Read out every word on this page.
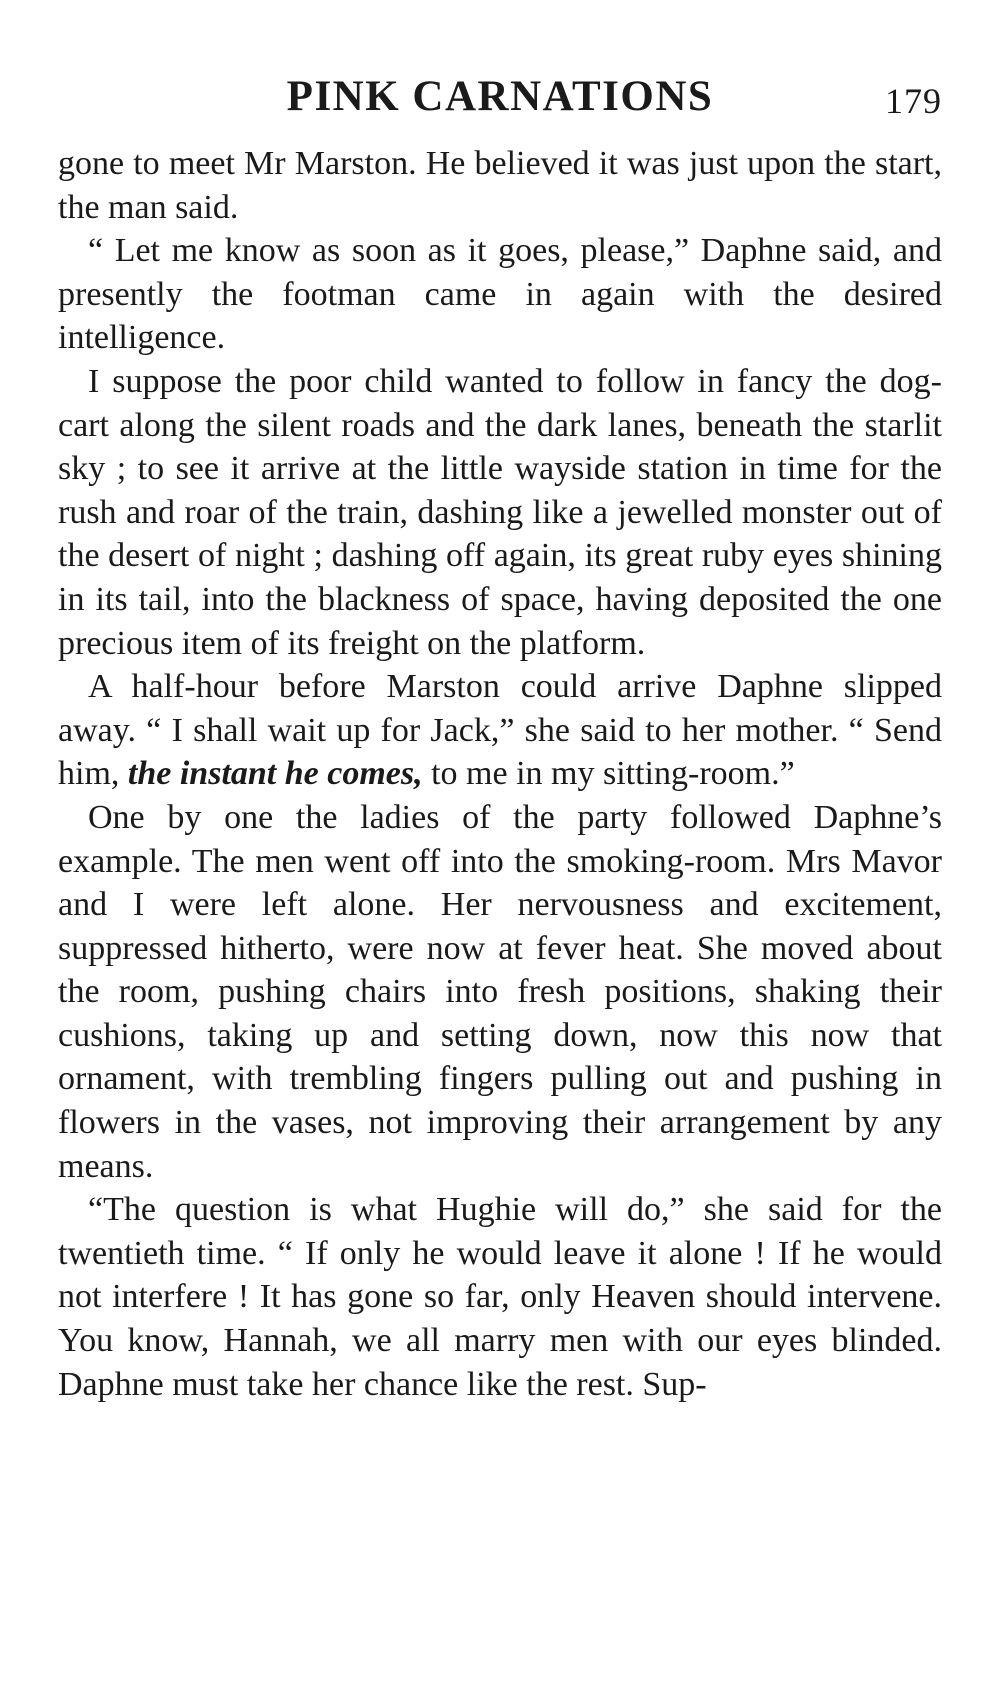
PINK CARNATIONS	179

gone to meet Mr Marston. He believed it was just upon the start, the man said.

“ Let me know as soon as it goes, please,” Daphne said, and presently the footman came in again with the desired intelligence.

I suppose the poor child wanted to follow in fancy the dog-cart along the silent roads and the dark lanes, beneath the starlit sky ; to see it arrive at the little wayside station in time for the rush and roar of the train, dashing like a jewelled monster out of the desert of night ; dashing off again, its great ruby eyes shining in its tail, into the blackness of space, having deposited the one precious item of its freight on the platform.

A half-hour before Marston could arrive Daphne slipped away. “ I shall wait up for Jack,” she said to her mother. “ Send him, the instant he comes, to me in my sitting-room.”

One by one the ladies of the party followed Daphne’s example. The men went off into the smoking-room. Mrs Mavor and I were left alone. Her nervousness and excitement, suppressed hitherto, were now at fever heat. She moved about the room, pushing chairs into fresh positions, shaking their cushions, taking up and setting down, now this now that ornament, with trembling fingers pulling out and pushing in flowers in the vases, not improving their arrangement by any means.

“The question is what Hughie will do,” she said for the twentieth time. “ If only he would leave it alone ! If he would not interfere ! It has gone so far, only Heaven should intervene. You know, Hannah, we all marry men with our eyes blinded. Daphne must take her chance like the rest. Sup-
